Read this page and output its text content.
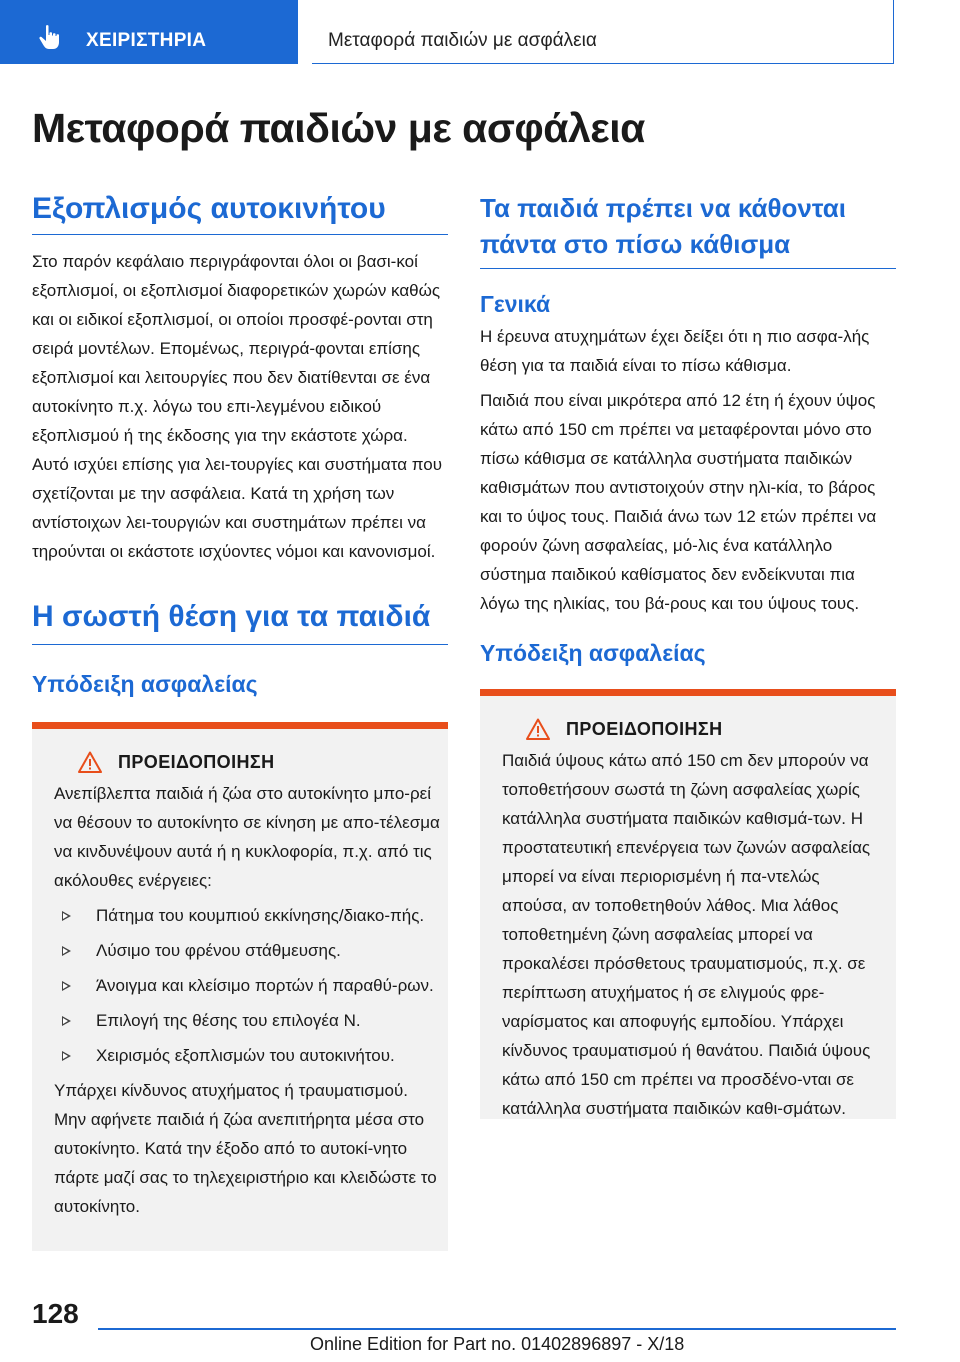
ΧΕΙΡΙΣΤΗΡΙΑ	Μεταφορά παιδιών με ασφάλεια
Μεταφορά παιδιών με ασφάλεια
Εξοπλισμός αυτοκινήτου

Στο παρόν κεφάλαιο περιγράφονται όλοι οι βασι-κοί εξοπλισμοί, οι εξοπλισμοί διαφορετικών χωρών καθώς και οι ειδικοί εξοπλισμοί, οι οποίοι προσφέ-ρονται στη σειρά μοντέλων. Επομένως, περιγρά-φονται επίσης εξοπλισμοί και λειτουργίες που δεν διατίθενται σε ένα αυτοκίνητο π.χ. λόγω του επι-λεγμένου ειδικού εξοπλισμού ή της έκδοσης για την εκάστοτε χώρα. Αυτό ισχύει επίσης για λει-τουργίες και συστήματα που σχετίζονται με την ασφάλεια. Κατά τη χρήση των αντίστοιχων λει-τουργιών και συστημάτων πρέπει να τηρούνται οι εκάστοτε ισχύοντες νόμοι και κανονισμοί.

Η σωστή θέση για τα παιδιά
Υπόδειξη ασφαλείας
ΠΡΟΕΙΔΟΠΟΙΗΣΗ

Ανεπίβλεπτα παιδιά ή ζώα στο αυτοκίνητο μπο-ρεί να θέσουν το αυτοκίνητο σε κίνηση με απο-τέλεσμα να κινδυνέψουν αυτά ή η κυκλοφορία, π.χ. από τις ακόλουθες ενέργειες:

Πάτημα του κουμπιού εκκίνησης/διακο-πής.
Λύσιμο του φρένου στάθμευσης.
Άνοιγμα και κλείσιμο πορτών ή παραθύ-ρων.
Επιλογή της θέσης του επιλογέα N.
Χειρισμός εξοπλισμών του αυτοκινήτου.

Υπάρχει κίνδυνος ατυχήματος ή τραυματισμού. Μην αφήνετε παιδιά ή ζώα ανεπιτήρητα μέσα στο αυτοκίνητο. Κατά την έξοδο από το αυτοκί-νητο πάρτε μαζί σας το τηλεχειριστήριο και κλειδώστε το αυτοκίνητο.

Τα παιδιά πρέπει να κάθονται πάντα στο πίσω κάθισμα
Γενικά

Η έρευνα ατυχημάτων έχει δείξει ότι η πιο ασφα-λής θέση για τα παιδιά είναι το πίσω κάθισμα.

Παιδιά που είναι μικρότερα από 12 έτη ή έχουν ύψος κάτω από 150 cm πρέπει να μεταφέρονται μόνο στο πίσω κάθισμα σε κατάλληλα συστήματα παιδικών καθισμάτων που αντιστοιχούν στην ηλι-κία, το βάρος και το ύψος τους. Παιδιά άνω των 12 ετών πρέπει να φορούν ζώνη ασφαλείας, μό-λις ένα κατάλληλο σύστημα παιδικού καθίσματος δεν ενδείκνυται πια λόγω της ηλικίας, του βά-ρους και του ύψους τους.

Υπόδειξη ασφαλείας
ΠΡΟΕΙΔΟΠΟΙΗΣΗ

Παιδιά ύψους κάτω από 150 cm δεν μπορούν να τοποθετήσουν σωστά τη ζώνη ασφαλείας χωρίς κατάλληλα συστήματα παιδικών καθισμά-των. Η προστατευτική επενέργεια των ζωνών ασφαλείας μπορεί να είναι περιορισμένη ή πα-ντελώς απούσα, αν τοποθετηθούν λάθος. Μια λάθος τοποθετημένη ζώνη ασφαλείας μπορεί να προκαλέσει πρόσθετους τραυματισμούς, π.χ. σε περίπτωση ατυχήματος ή σε ελιγμούς φρε-ναρίσματος και αποφυγής εμποδίου. Υπάρχει κίνδυνος τραυματισμού ή θανάτου. Παιδιά ύψους κάτω από 150 cm πρέπει να προσδένο-νται σε κατάλληλα συστήματα παιδικών καθι-σμάτων.

128
Online Edition for Part no. 01402896897 - X/18
